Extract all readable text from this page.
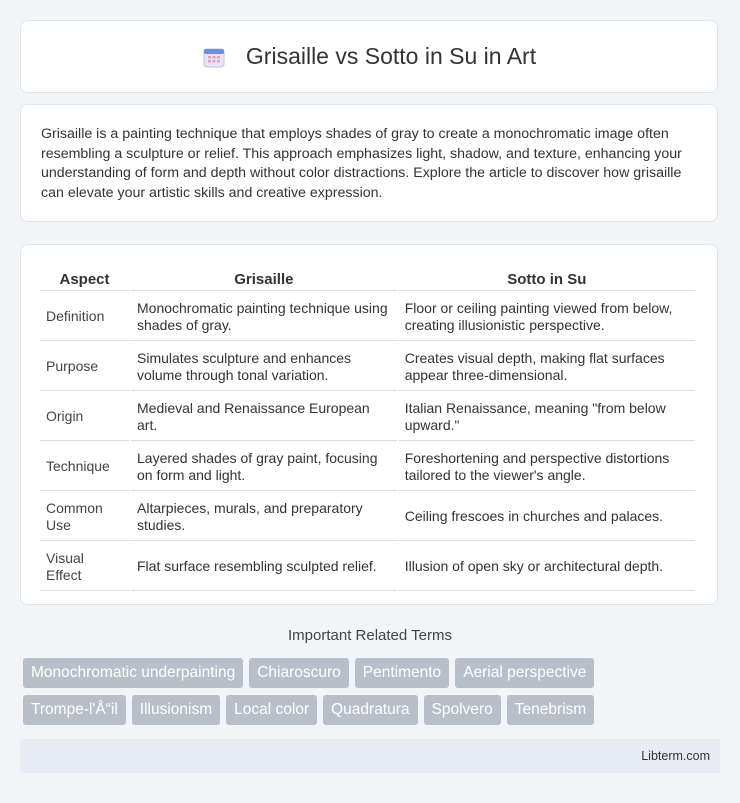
Grisaille vs Sotto in Su in Art
Grisaille is a painting technique that employs shades of gray to create a monochromatic image often resembling a sculpture or relief. This approach emphasizes light, shadow, and texture, enhancing your understanding of form and depth without color distractions. Explore the article to discover how grisaille can elevate your artistic skills and creative expression.
Aspect	Grisaille	Sotto in Su
Definition	Monochromatic painting technique using shades of gray.	Floor or ceiling painting viewed from below, creating illusionistic perspective.
Purpose	Simulates sculpture and enhances volume through tonal variation.	Creates visual depth, making flat surfaces appear three-dimensional.
Origin	Medieval and Renaissance European art.	Italian Renaissance, meaning "from below upward."
Technique	Layered shades of gray paint, focusing on form and light.	Foreshortening and perspective distortions tailored to the viewer's angle.
Common Use	Altarpieces, murals, and preparatory studies.	Ceiling frescoes in churches and palaces.
Visual Effect	Flat surface resembling sculpted relief.	Illusion of open sky or architectural depth.
Important Related Terms
Monochromatic underpainting	Chiaroscuro	Pentimento	Aerial perspective
Trompe-l'Å“il	Illusionism	Local color	Quadratura	Spolvero	Tenebrism
Libterm.com
